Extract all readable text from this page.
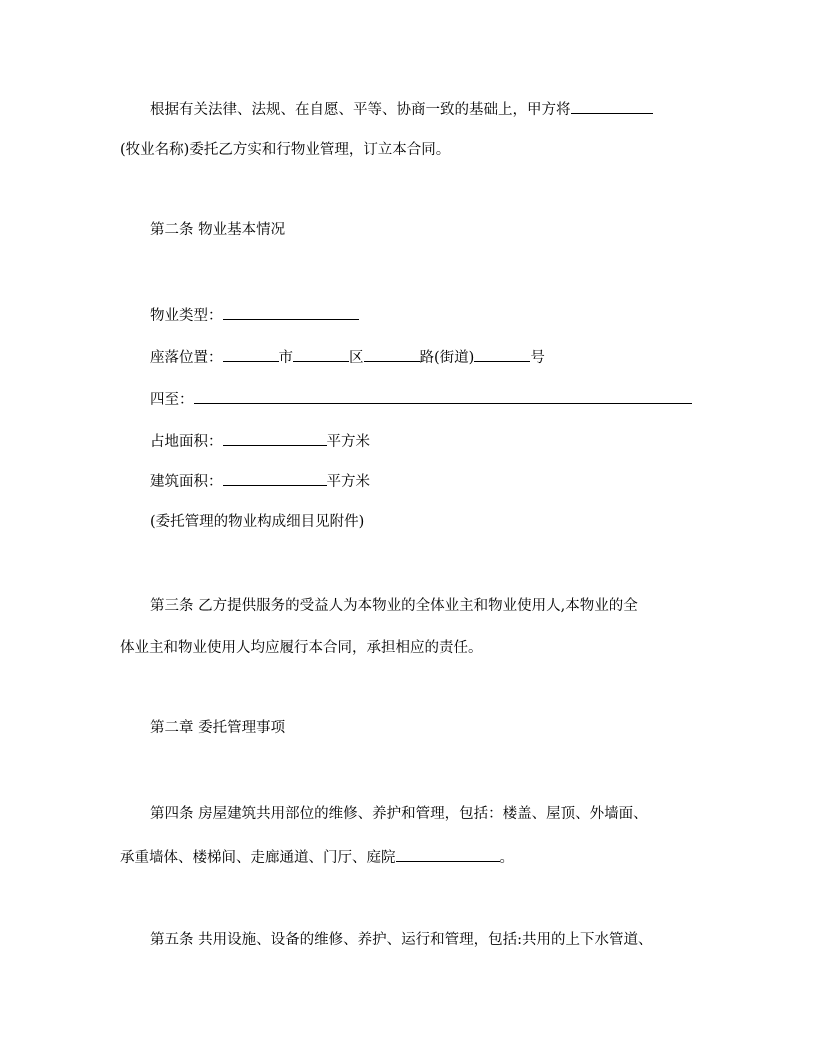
根据有关法律、法规、在自愿、平等、协商一致的基础上，甲方将
(牧业名称)委托乙方实和行物业管理，订立本合同。
第二条 物业基本情况
物业类型：
座落位置：	市	区	路(街道)	号
四至：
占地面积：	平方米
建筑面积：	平方米
(委托管理的物业构成细目见附件)
第三条 乙方提供服务的受益人为本物业的全体业主和物业使用人,本物业的全
体业主和物业使用人均应履行本合同，承担相应的责任。
第二章 委托管理事项
第四条 房屋建筑共用部位的维修、养护和管理，包括：楼盖、屋顶、外墙面、
承重墙体、楼梯间、走廊通道、门厅、庭院	。
第五条 共用设施、设备的维修、养护、运行和管理，包括:共用的上下水管道、
